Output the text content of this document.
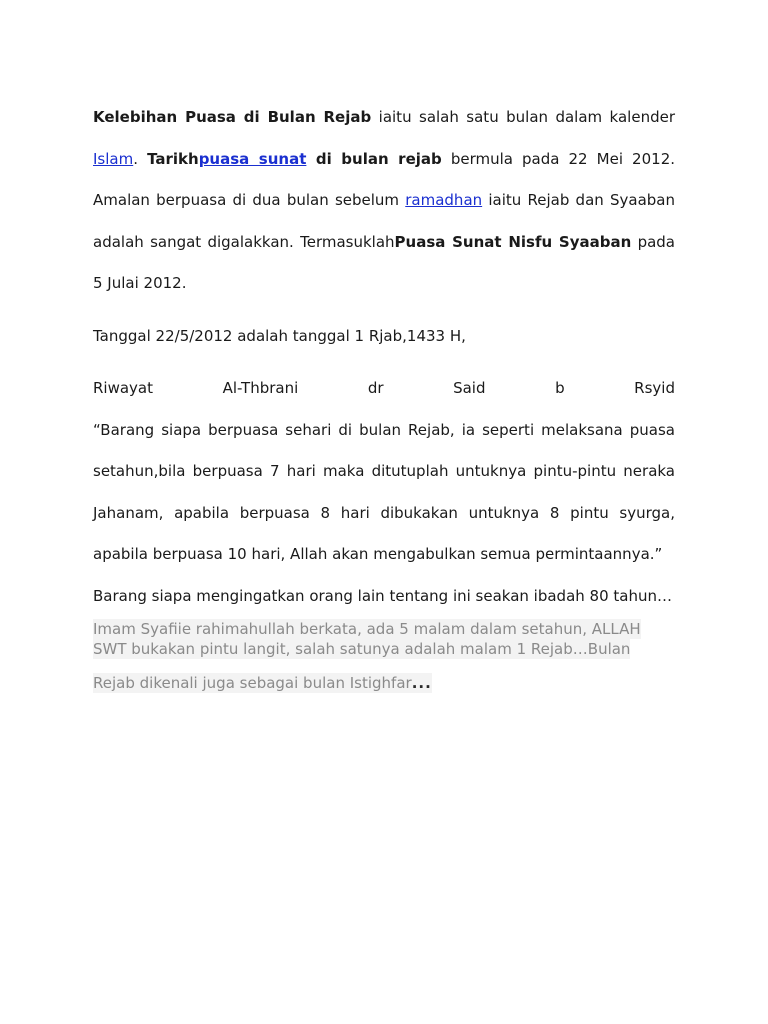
Kelebihan Puasa di Bulan Rejab iaitu salah satu bulan dalam kalender Islam. Tarikhpuasa sunat di bulan rejab bermula pada 22 Mei 2012. Amalan berpuasa di dua bulan sebelum ramadhan iaitu Rejab dan Syaaban adalah sangat digalakkan. TermasuklahPuasa Sunat Nisfu Syaaban pada 5 Julai 2012.

Tanggal 22/5/2012 adalah tanggal 1 Rjab,1433 H,

Riwayat	Al-Thbrani	dr	Said	b	Rsyid

“Barang siapa berpuasa sehari di bulan Rejab, ia seperti melaksana puasa setahun,bila berpuasa 7 hari maka ditutuplah untuknya pintu-pintu neraka Jahanam, apabila berpuasa 8 hari dibukakan untuknya 8 pintu syurga, apabila berpuasa 10 hari, Allah akan mengabulkan semua permintaannya.”

Barang siapa mengingatkan orang lain tentang ini seakan ibadah 80 tahun…

Imam Syafiie rahimahullah berkata, ada 5 malam dalam setahun, ALLAH
SWT bukakan pintu langit, salah satunya adalah malam 1 Rejab…Bulan
Rejab dikenali juga sebagai bulan Istighfar...
